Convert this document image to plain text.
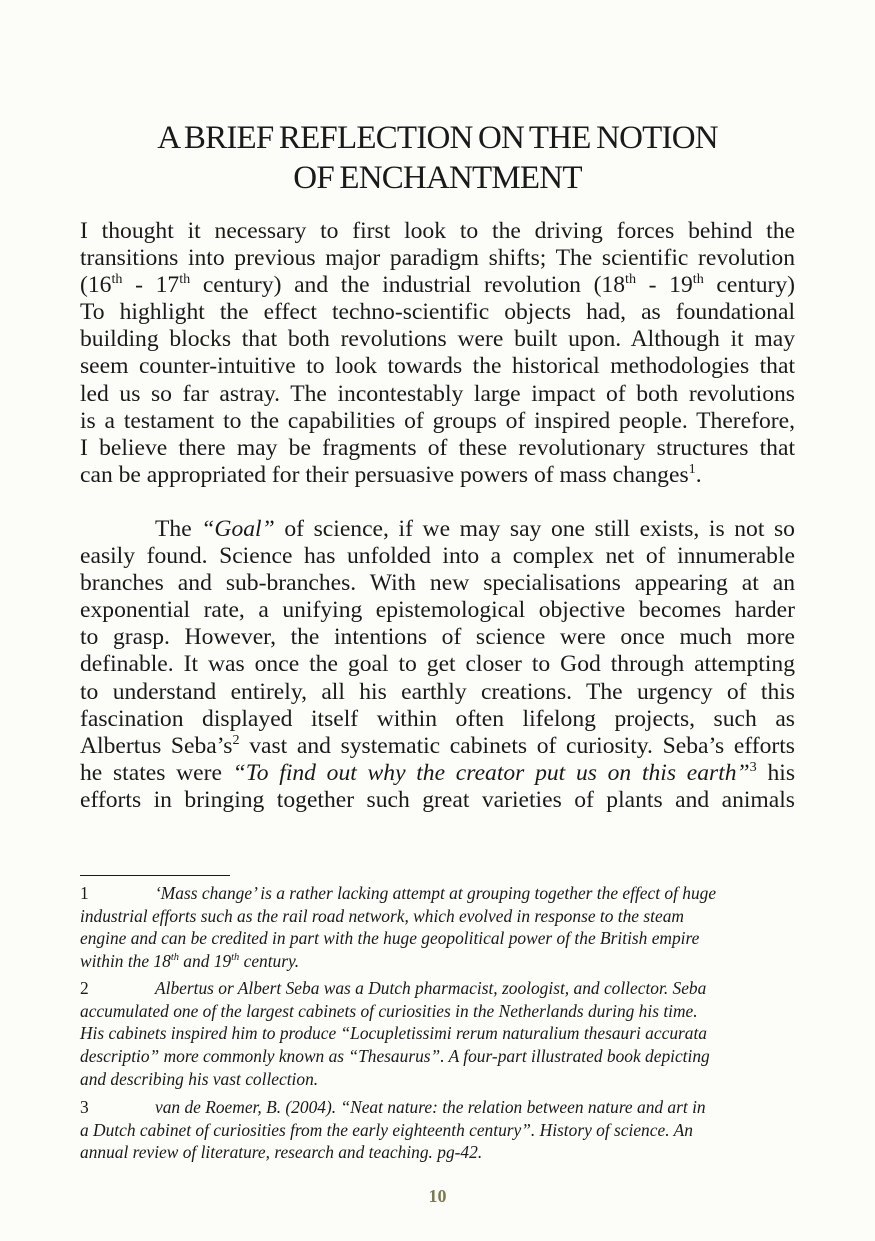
A BRIEF REFLECTION ON THE NOTION
OF ENCHANTMENT

I thought it necessary to first look to the driving forces behind the
transitions into previous major paradigm shifts; The scientific revolution
(16th - 17th century) and the industrial revolution (18th - 19th century)
To highlight the effect techno-scientific objects had, as foundational
building blocks that both revolutions were built upon. Although it may
seem counter-intuitive to look towards the historical methodologies that
led us so far astray. The incontestably large impact of both revolutions
is a testament to the capabilities of groups of inspired people. Therefore,
I believe there may be fragments of these revolutionary structures that
can be appropriated for their persuasive powers of mass changes$^1$.

The “Goal” of science, if we may say one still exists, is not so
easily found. Science has unfolded into a complex net of innumerable
branches and sub-branches. With new specialisations appearing at an
exponential rate, a unifying epistemological objective becomes harder
to grasp. However, the intentions of science were once much more
definable. It was once the goal to get closer to God through attempting
to understand entirely, all his earthly creations. The urgency of this
fascination displayed itself within often lifelong projects, such as
Albertus $Seba’s^2$ vast and systematic cabinets of curiosity. Seba’s efforts
he states were “To find out why the creator put us on this earth”$^3$ his
efforts in bringing together such great varieties of plants and animals

1	‘Mass change’ is a rather lacking attempt at grouping together the effect of huge
industrial efforts such as the rail road network, which evolved in response to the steam
engine and can be credited in part with the huge geopolitical power of the British empire
within the 18th and 19th century.
2	Albertus or Albert Seba was a Dutch pharmacist, zoologist, and collector. Seba
accumulated one of the largest cabinets of curiosities in the Netherlands during his time.
His cabinets inspired him to produce “Locupletissimi rerum naturalium thesauri accurata
descriptio” more commonly known as “Thesaurus”. A four-part illustrated book depicting
and describing his vast collection.
3	van de Roemer, B. (2004). “Neat nature: the relation between nature and art in
a Dutch cabinet of curiosities from the early eighteenth century”. History of science. An
annual review of literature, research and teaching. pg-42.
10
